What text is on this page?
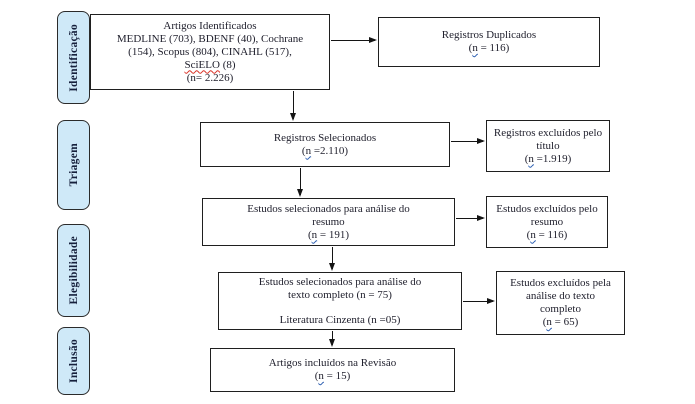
Identificação
Triagem
Elegibilidade
Inclusão
Artigos Identificados
MEDLINE (703), BDENF (40), Cochrane
(154), Scopus (804), CINAHL (517),
SciELO (8)
(n= 2.226)
Registros Duplicados
(n = 116)
Registros Selecionados
(n =2.110)
Registros excluídos pelo
título
(n =1.919)
Estudos selecionados para análise do
resumo
(n = 191)
Estudos excluídos pelo
resumo
(n = 116)
Estudos selecionados para análise do
texto completo (n = 75)
Literatura Cinzenta (n =05)
Estudos excluídos pela
análise do texto
completo
(n = 65)
Artigos incluídos na Revisão
(n = 15)
